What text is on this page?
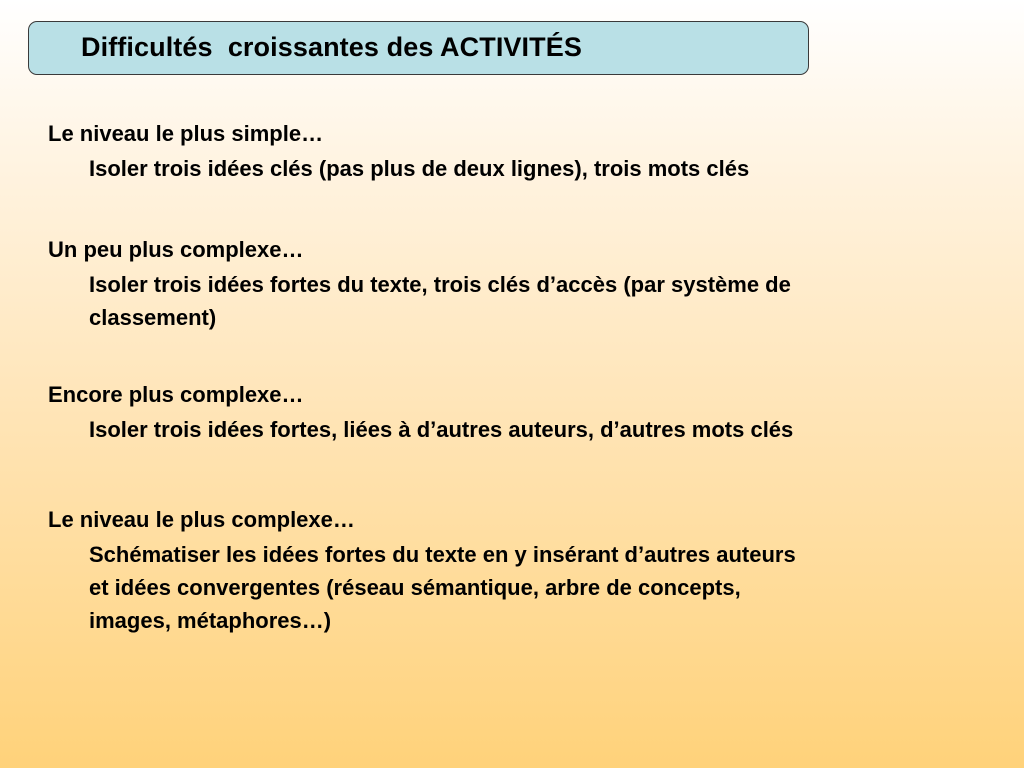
Difficultés  croissantes des ACTIVITÉS
Le niveau le plus simple…
Isoler trois idées clés (pas plus de deux lignes), trois mots clés
Un peu plus complexe…
Isoler trois idées fortes du texte, trois clés d’accès (par système de
classement)
Encore plus complexe…
Isoler trois idées fortes, liées à d’autres auteurs, d’autres mots clés
Le niveau le plus complexe…
Schématiser les idées fortes du texte en y insérant d’autres auteurs
et idées convergentes (réseau sémantique, arbre de concepts,
images, métaphores…)
